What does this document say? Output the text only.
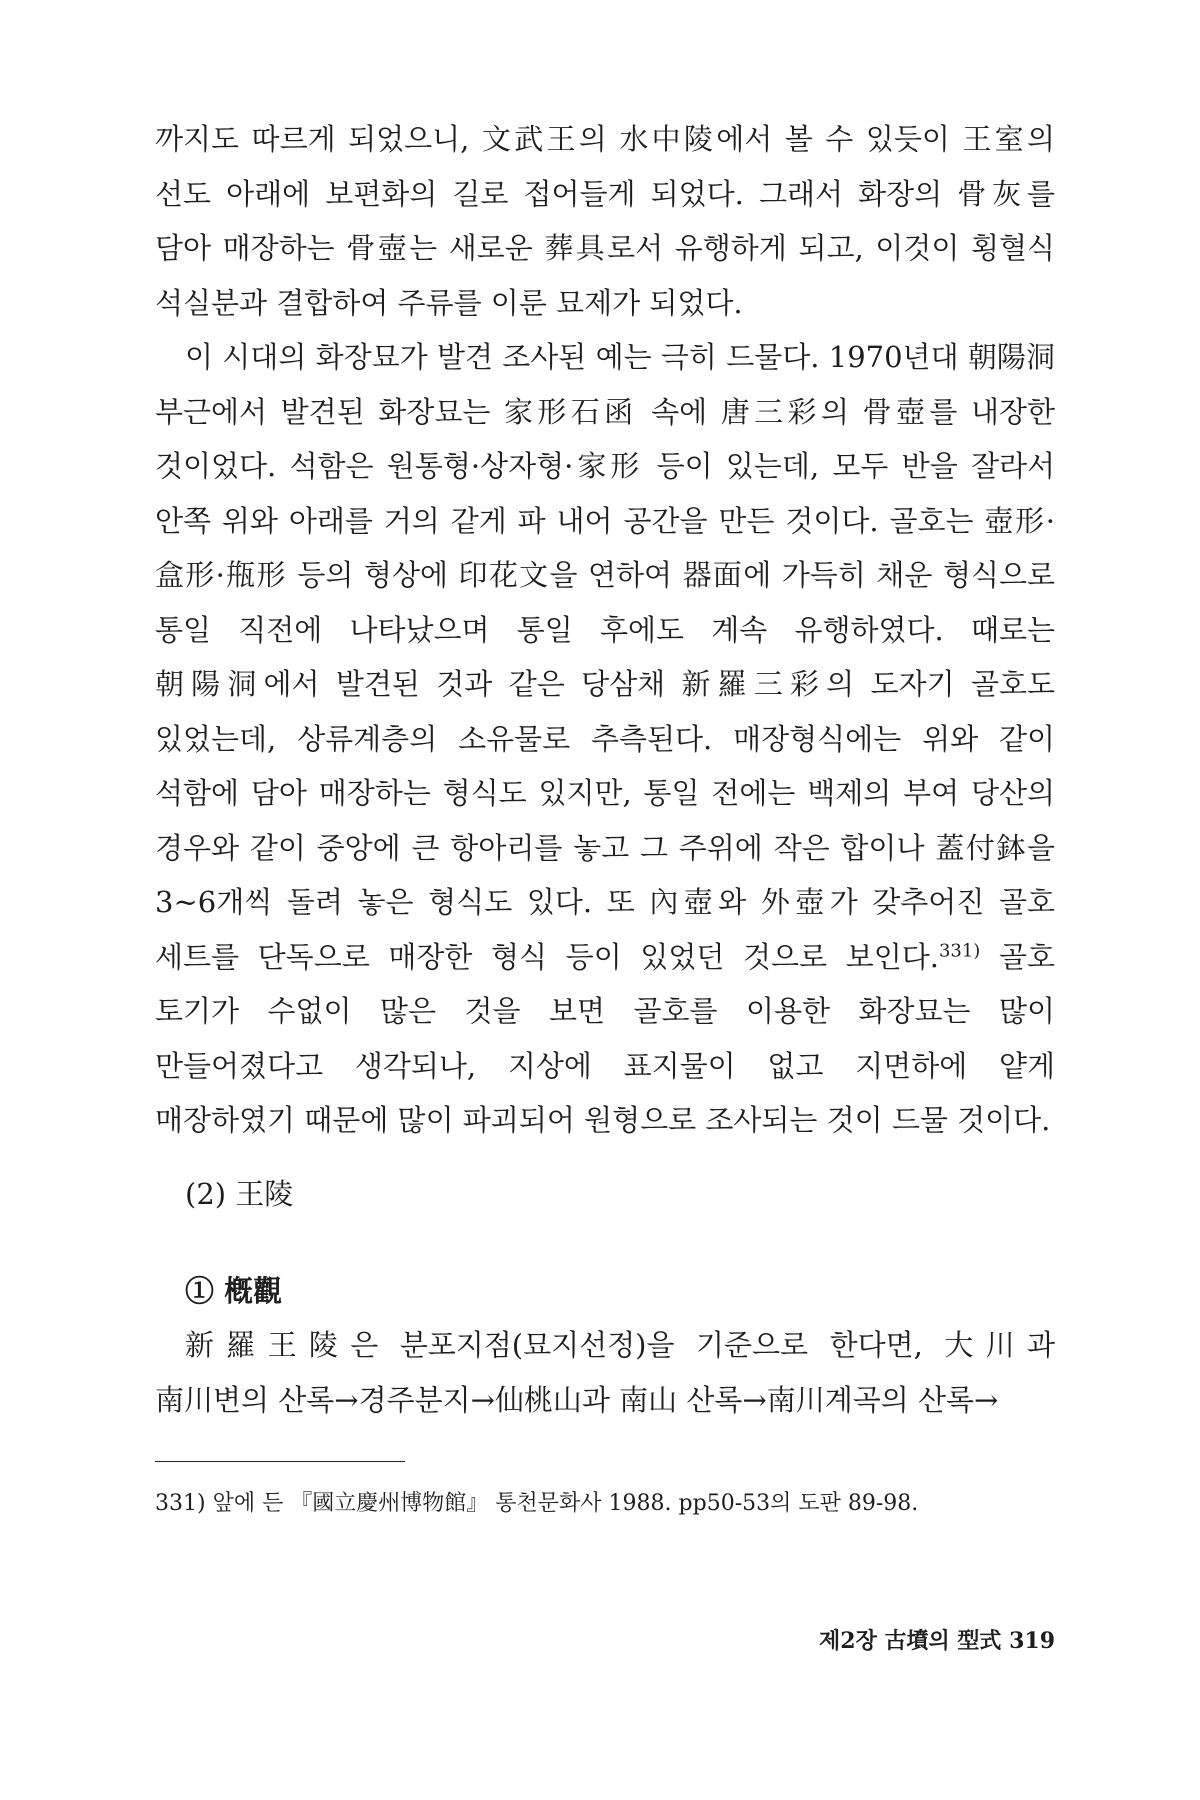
까지도 따르게 되었으니, 文武王의 水中陵에서 볼 수 있듯이 王室의 선도 아래에 보편화의 길로 접어들게 되었다. 그래서 화장의 骨灰를 담아 매장하는 骨壺는 새로운 葬具로서 유행하게 되고, 이것이 횡혈식 석실분과 결합하여 주류를 이룬 묘제가 되었다.

이 시대의 화장묘가 발견 조사된 예는 극히 드물다. 1970년대 朝陽洞 부근에서 발견된 화장묘는 家形石函 속에 唐三彩의 骨壺를 내장한 것이었다. 석함은 원통형·상자형·家形 등이 있는데, 모두 반을 잘라서 안쪽 위와 아래를 거의 같게 파 내어 공간을 만든 것이다. 골호는 壺形·盒形·甁形 등의 형상에 印花文을 연하여 器面에 가득히 채운 형식으로 통일 직전에 나타났으며 통일 후에도 계속 유행하였다. 때로는 朝陽洞에서 발견된 것과 같은 당삼채 新羅三彩의 도자기 골호도 있었는데, 상류계층의 소유물로 추측된다. 매장형식에는 위와 같이 석함에 담아 매장하는 형식도 있지만, 통일 전에는 백제의 부여 당산의 경우와 같이 중앙에 큰 항아리를 놓고 그 주위에 작은 합이나 蓋付鉢을 3~6개씩 돌려 놓은 형식도 있다. 또 內壺와 外壺가 갖추어진 골호 세트를 단독으로 매장한 형식 등이 있었던 것으로 보인다.$^{331)}$ 골호 토기가 수없이 많은 것을 보면 골호를 이용한 화장묘는 많이 만들어졌다고 생각되나, 지상에 표지물이 없고 지면하에 얕게 매장하였기 때문에 많이 파괴되어 원형으로 조사되는 것이 드물 것이다.

(2) 王陵
① 槪觀

新羅王陵은 분포지점(묘지선정)을 기준으로 한다면, 大川과 南川변의 산록→경주분지→仙桃山과 南山 산록→南川계곡의 산록→

331) 앞에 든 『國立慶州博物館』 통천문화사 1988. pp50-53의 도판 89-98.
제2장 古墳의 型式 319
